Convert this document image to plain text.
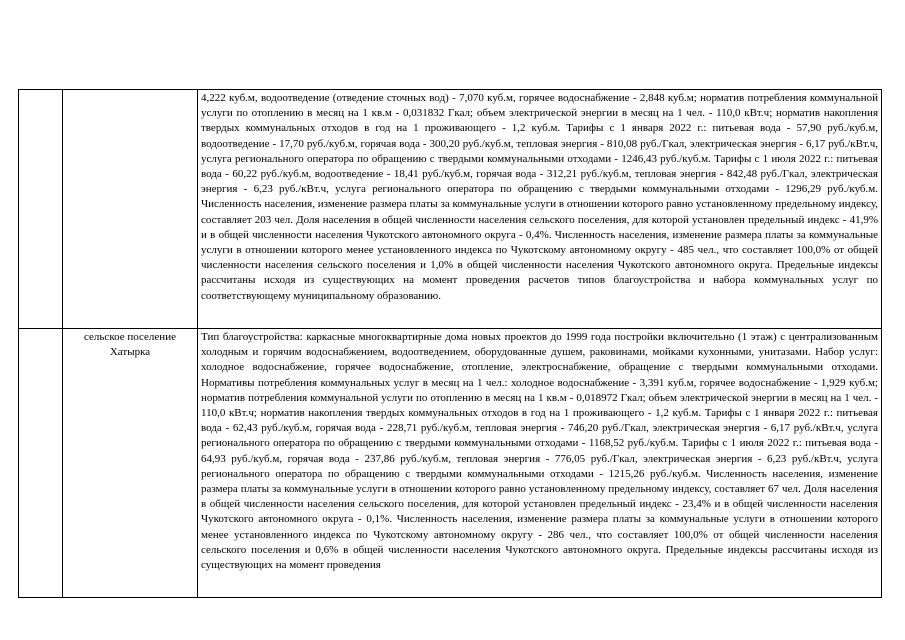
		4,222 куб.м, водоотведение (отведение сточных вод) - 7,070 куб.м, горячее водоснабжение - 2,848 куб.м; норматив потребления коммунальной услуги по отоплению в месяц на 1 кв.м - 0,031832 Гкал; объем электрической энергии в месяц на 1 чел. - 110,0 кВт.ч; норматив накопления твердых коммунальных отходов в год на 1 проживающего - 1,2 куб.м. Тарифы с 1 января 2022 г.: питьевая вода - 57,90 руб./куб.м, водоотведение - 17,70 руб./куб.м, горячая вода - 300,20 руб./куб.м, тепловая энергия - 810,08 руб./Гкал, электрическая энергия - 6,17 руб./кВт.ч, услуга регионального оператора по обращению с твердыми коммунальными отходами - 1246,43 руб./куб.м. Тарифы с 1 июля 2022 г.: питьевая вода - 60,22 руб./куб.м, водоотведение - 18,41 руб./куб.м, горячая вода - 312,21 руб./куб.м, тепловая энергия - 842,48 руб./Гкал, электрическая энергия - 6,23 руб./кВт.ч, услуга регионального оператора по обращению с твердыми коммунальными отходами - 1296,29 руб./куб.м. Численность населения, изменение размера платы за коммунальные услуги в отношении которого равно установленному предельному индексу, составляет 203 чел. Доля населения в общей численности населения сельского поселения, для которой установлен предельный индекс - 41,9% и в общей численности населения Чукотского автономного округа - 0,4%. Численность населения, изменение размера платы за коммунальные услуги в отношении которого менее установленного индекса по Чукотскому автономному округу - 485 чел., что составляет 100,0% от общей численности населения сельского поселения и 1,0% в общей численности населения Чукотского автономного округа. Предельные индексы рассчитаны исходя из существующих на момент проведения расчетов типов благоустройства и набора коммунальных услуг по соответствующему муниципальному образованию.

	сельское поселение Хатырка	Тип благоустройства: каркасные многоквартирные дома новых проектов до 1999 года постройки включительно (1 этаж) с централизованным холодным и горячим водоснабжением, водоотведением, оборудованные душем, раковинами, мойками кухонными, унитазами. Набор услуг: холодное водоснабжение, горячее водоснабжение, отопление, электроснабжение, обращение с твердыми коммунальными отходами. Нормативы потребления коммунальных услуг в месяц на 1 чел.: холодное водоснабжение - 3,391 куб.м, горячее водоснабжение - 1,929 куб.м; норматив потребления коммунальной услуги по отоплению в месяц на 1 кв.м - 0,018972 Гкал; объем электрической энергии в месяц на 1 чел. - 110,0 кВт.ч; норматив накопления твердых коммунальных отходов в год на 1 проживающего - 1,2 куб.м. Тарифы с 1 января 2022 г.: питьевая вода - 62,43 руб./куб.м, горячая вода - 228,71 руб./куб.м, тепловая энергия - 746,20 руб./Гкал, электрическая энергия - 6,17 руб./кВт.ч, услуга регионального оператора по обращению с твердыми коммунальными отходами - 1168,52 руб./куб.м. Тарифы с 1 июля 2022 г.: питьевая вода - 64,93 руб./куб.м, горячая вода - 237,86 руб./куб.м, тепловая энергия - 776,05 руб./Гкал, электрическая энергия - 6,23 руб./кВт.ч, услуга регионального оператора по обращению с твердыми коммунальными отходами - 1215,26 руб./куб.м. Численность населения, изменение размера платы за коммунальные услуги в отношении которого равно установленному предельному индексу, составляет 67 чел. Доля населения в общей численности населения сельского поселения, для которой установлен предельный индекс - 23,4% и в общей численности населения Чукотского автономного округа - 0,1%. Численность населения, изменение размера платы за коммунальные услуги в отношении которого менее установленного индекса по Чукотскому автономному округу - 286 чел., что составляет 100,0% от общей численности населения сельского поселения и 0,6% в общей численности населения Чукотского автономного округа. Предельные индексы рассчитаны исходя из существующих на момент проведения
